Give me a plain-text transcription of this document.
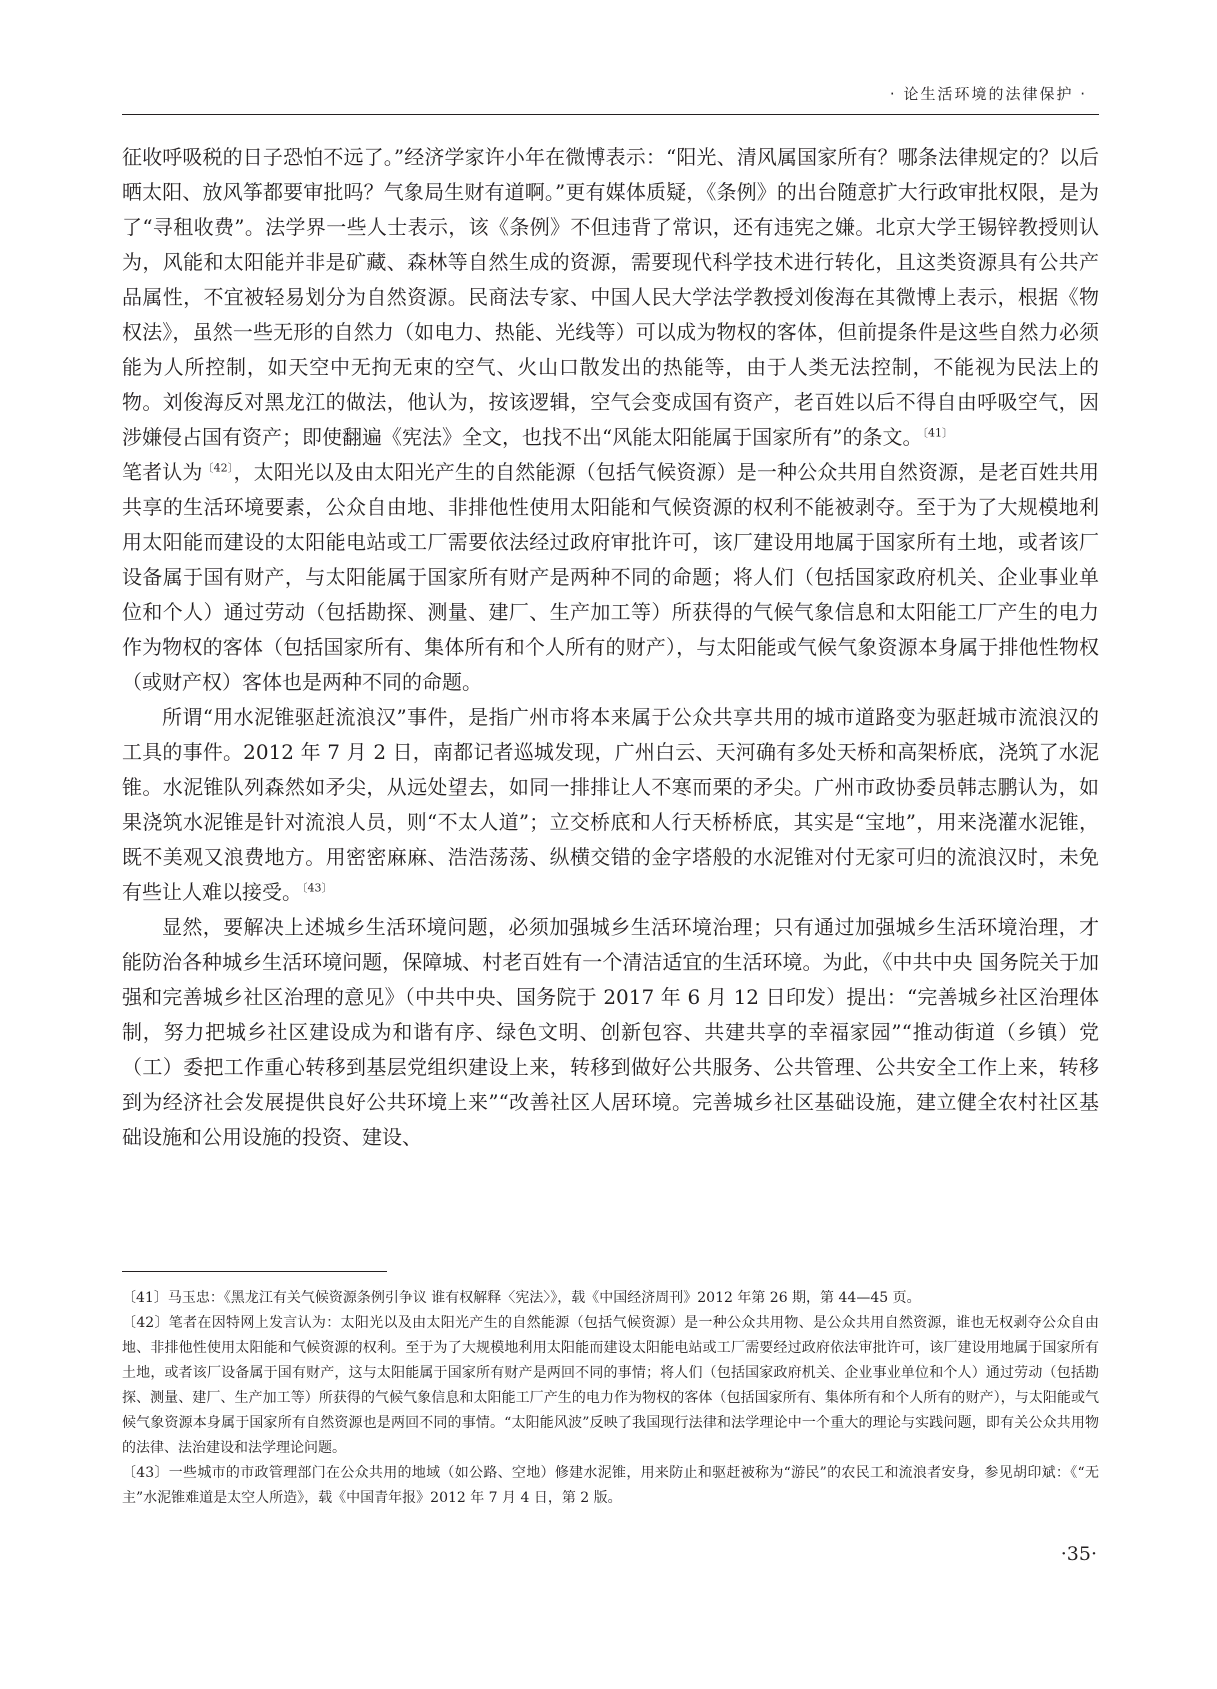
· 论生活环境的法律保护 ·

征收呼吸税的日子恐怕不远了。”经济学家许小年在微博表示：“阳光、清风属国家所有？哪条法律规定的？以后晒太阳、放风筝都要审批吗？气象局生财有道啊。”更有媒体质疑，《条例》的出台随意扩大行政审批权限，是为了“寻租收费”。法学界一些人士表示，该《条例》不但违背了常识，还有违宪之嫌。北京大学王锡锌教授则认为，风能和太阳能并非是矿藏、森林等自然生成的资源，需要现代科学技术进行转化，且这类资源具有公共产品属性，不宜被轻易划分为自然资源。民商法专家、中国人民大学法学教授刘俊海在其微博上表示，根据《物权法》，虽然一些无形的自然力（如电力、热能、光线等）可以成为物权的客体，但前提条件是这些自然力必须能为人所控制，如天空中无拘无束的空气、火山口散发出的热能等，由于人类无法控制，不能视为民法上的物。刘俊海反对黑龙江的做法，他认为，按该逻辑，空气会变成国有资产，老百姓以后不得自由呼吸空气，因涉嫌侵占国有资产；即使翻遍《宪法》全文，也找不出“风能太阳能属于国家所有”的条文。$^{〔41〕}$

笔者认为$^{〔42〕}$，太阳光以及由太阳光产生的自然能源（包括气候资源）是一种公众共用自然资源，是老百姓共用共享的生活环境要素，公众自由地、非排他性使用太阳能和气候资源的权利不能被剥夺。至于为了大规模地利用太阳能而建设的太阳能电站或工厂需要依法经过政府审批许可，该厂建设用地属于国家所有土地，或者该厂设备属于国有财产，与太阳能属于国家所有财产是两种不同的命题；将人们（包括国家政府机关、企业事业单位和个人）通过劳动（包括勘探、测量、建厂、生产加工等）所获得的气候气象信息和太阳能工厂产生的电力作为物权的客体（包括国家所有、集体所有和个人所有的财产），与太阳能或气候气象资源本身属于排他性物权（或财产权）客体也是两种不同的命题。

所谓“用水泥锥驱赶流浪汉”事件，是指广州市将本来属于公众共享共用的城市道路变为驱赶城市流浪汉的工具的事件。2012 年 7 月 2 日，南都记者巡城发现，广州白云、天河确有多处天桥和高架桥底，浇筑了水泥锥。水泥锥队列森然如矛尖，从远处望去，如同一排排让人不寒而栗的矛尖。广州市政协委员韩志鹏认为，如果浇筑水泥锥是针对流浪人员，则“不太人道”；立交桥底和人行天桥桥底，其实是“宝地”，用来浇灌水泥锥，既不美观又浪费地方。用密密麻麻、浩浩荡荡、纵横交错的金字塔般的水泥锥对付无家可归的流浪汉时，未免有些让人难以接受。$^{〔43〕}$

显然，要解决上述城乡生活环境问题，必须加强城乡生活环境治理；只有通过加强城乡生活环境治理，才能防治各种城乡生活环境问题，保障城、村老百姓有一个清洁适宜的生活环境。为此，《中共中央 国务院关于加强和完善城乡社区治理的意见》（中共中央、国务院于 2017 年 6 月 12 日印发）提出：“完善城乡社区治理体制，努力把城乡社区建设成为和谐有序、绿色文明、创新包容、共建共享的幸福家园”“推动街道（乡镇）党（工）委把工作重心转移到基层党组织建设上来，转移到做好公共服务、公共管理、公共安全工作上来，转移到为经济社会发展提供良好公共环境上来”“改善社区人居环境。完善城乡社区基础设施，建立健全农村社区基础设施和公用设施的投资、建设、

〔41〕马玉忠：《黑龙江有关气候资源条例引争议 谁有权解释〈宪法〉》，载《中国经济周刊》2012 年第 26 期，第 44—45 页。

〔42〕笔者在因特网上发言认为：太阳光以及由太阳光产生的自然能源（包括气候资源）是一种公众共用物、是公众共用自然资源，谁也无权剥夺公众自由地、非排他性使用太阳能和气候资源的权利。至于为了大规模地利用太阳能而建设太阳能电站或工厂需要经过政府依法审批许可，该厂建设用地属于国家所有土地，或者该厂设备属于国有财产，这与太阳能属于国家所有财产是两回不同的事情；将人们（包括国家政府机关、企业事业单位和个人）通过劳动（包括勘探、测量、建厂、生产加工等）所获得的气候气象信息和太阳能工厂产生的电力作为物权的客体（包括国家所有、集体所有和个人所有的财产），与太阳能或气候气象资源本身属于国家所有自然资源也是两回不同的事情。“太阳能风波”反映了我国现行法律和法学理论中一个重大的理论与实践问题，即有关公众共用物的法律、法治建设和法学理论问题。

〔43〕一些城市的市政管理部门在公众共用的地域（如公路、空地）修建水泥锥，用来防止和驱赶被称为“游民”的农民工和流浪者安身，参见胡印斌：《“无主”水泥锥难道是太空人所造》，载《中国青年报》2012 年 7 月 4 日，第 2 版。

·35·
